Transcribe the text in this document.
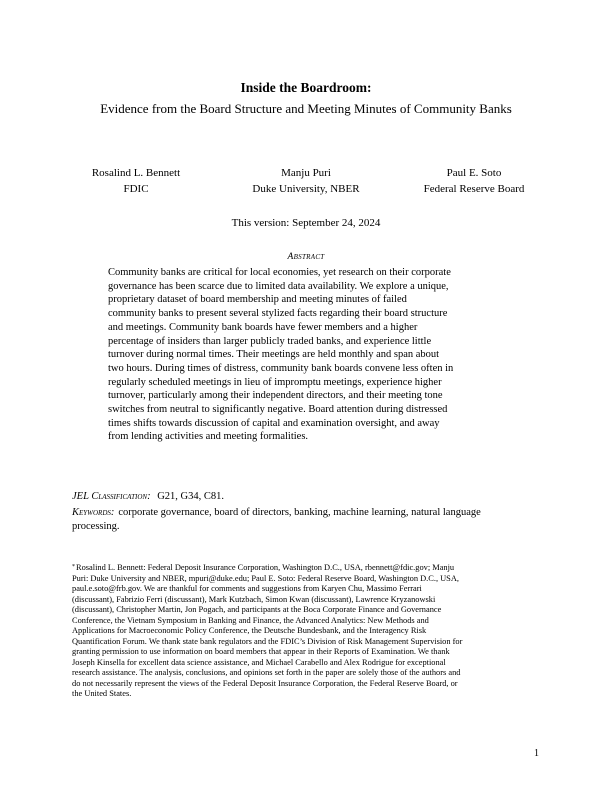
Inside the Boardroom:
Evidence from the Board Structure and Meeting Minutes of Community Banks
Rosalind L. Bennett
FDIC
Manju Puri
Duke University, NBER
Paul E. Soto
Federal Reserve Board
This version: September 24, 2024
Abstract
Community banks are critical for local economies, yet research on their corporate
governance has been scarce due to limited data availability. We explore a unique,
proprietary dataset of board membership and meeting minutes of failed
community banks to present several stylized facts regarding their board structure
and meetings. Community bank boards have fewer members and a higher
percentage of insiders than larger publicly traded banks, and experience little
turnover during normal times. Their meetings are held monthly and span about
two hours. During times of distress, community bank boards convene less often in
regularly scheduled meetings in lieu of impromptu meetings, experience higher
turnover, particularly among their independent directors, and their meeting tone
switches from neutral to significantly negative. Board attention during distressed
times shifts towards discussion of capital and examination oversight, and away
from lending activities and meeting formalities.
JEL Classification: G21, G34, C81.
Keywords: corporate governance, board of directors, banking, machine learning, natural language
processing.
*Rosalind L. Bennett: Federal Deposit Insurance Corporation, Washington D.C., USA, rbennett@fdic.gov; Manju
Puri: Duke University and NBER, mpuri@duke.edu; Paul E. Soto: Federal Reserve Board, Washington D.C., USA,
paul.e.soto@frb.gov. We are thankful for comments and suggestions from Karyen Chu, Massimo Ferrari
(discussant), Fabrizio Ferri (discussant), Mark Kutzbach, Simon Kwan (discussant), Lawrence Kryzanowski
(discussant), Christopher Martin, Jon Pogach, and participants at the Boca Corporate Finance and Governance
Conference, the Vietnam Symposium in Banking and Finance, the Advanced Analytics: New Methods and
Applications for Macroeconomic Policy Conference, the Deutsche Bundesbank, and the Interagency Risk
Quantification Forum. We thank state bank regulators and the FDIC’s Division of Risk Management Supervision for
granting permission to use information on board members that appear in their Reports of Examination. We thank
Joseph Kinsella for excellent data science assistance, and Michael Carabello and Alex Rodrigue for exceptional
research assistance. The analysis, conclusions, and opinions set forth in the paper are solely those of the authors and
do not necessarily represent the views of the Federal Deposit Insurance Corporation, the Federal Reserve Board, or
the United States.
1
